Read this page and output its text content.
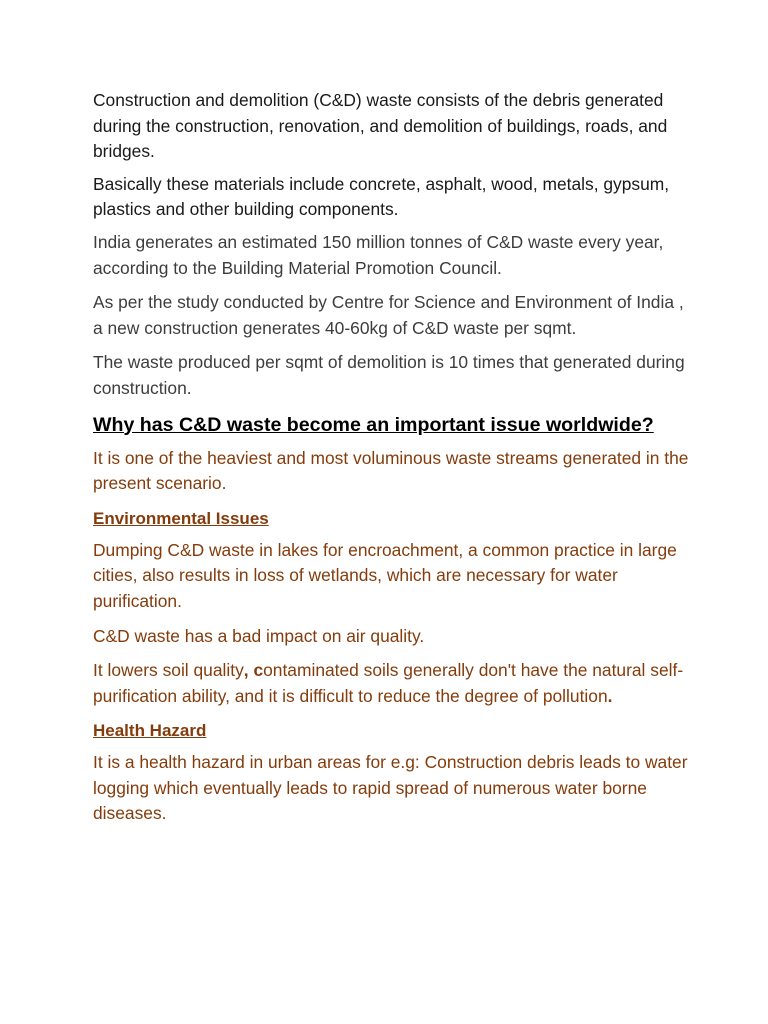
Construction and demolition (C&D) waste consists of the debris generated during the construction, renovation, and demolition of buildings, roads, and bridges.

Basically these materials include concrete, asphalt, wood, metals, gypsum, plastics and other building components.

India generates an estimated 150 million tonnes of C&D waste every year, according to the Building Material Promotion Council.

As per the study conducted by Centre for Science and Environment of India , a new construction generates 40-60kg of C&D waste per sqmt.

The waste produced per sqmt of demolition is 10 times that generated during construction.

Why has C&D waste become an important issue worldwide?

It is one of the heaviest and most voluminous waste streams generated in the present scenario.

Environmental Issues

Dumping C&D waste in lakes for encroachment, a common practice in large cities, also results in loss of wetlands, which are necessary for water purification.

C&D waste has a bad impact on air quality.

It lowers soil quality, contaminated soils generally don't have the natural self-purification ability, and it is difficult to reduce the degree of pollution.

Health Hazard

It is a health hazard in urban areas for e.g: Construction debris leads to water logging which eventually leads to rapid spread of numerous water borne diseases.
